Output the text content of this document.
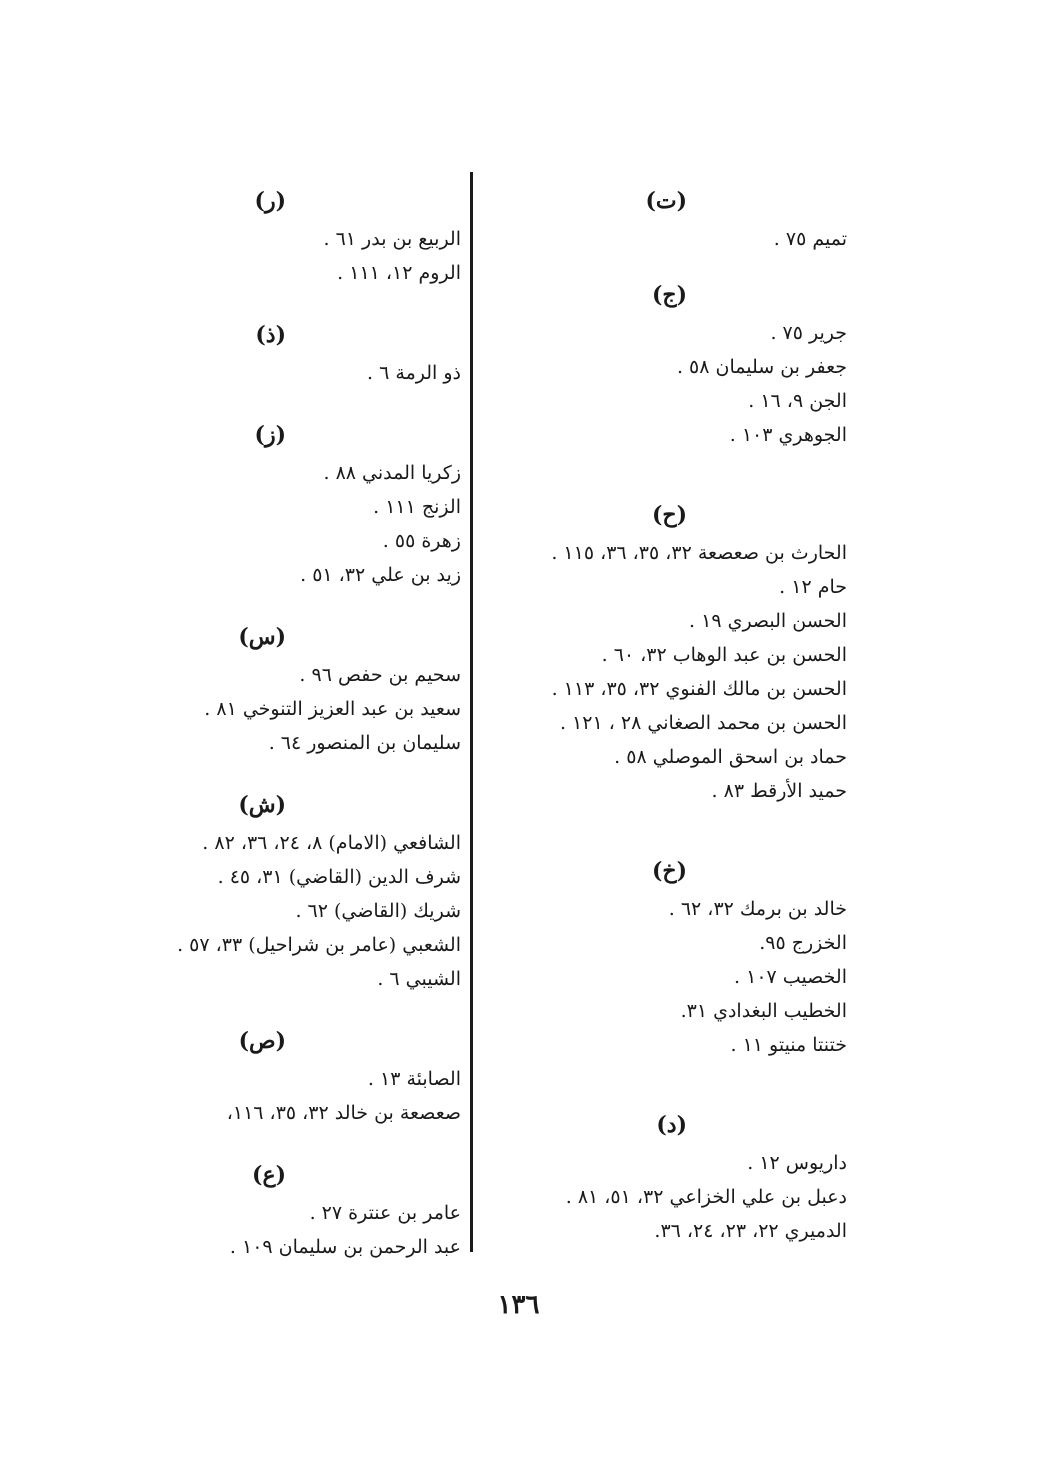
(ت)
تميم ٧٥ .
(ج)
جرير ٧٥ .
جعفر بن سليمان ٥٨ .
الجن ٩، ١٦ .
الجوهري ١٠٣ .
(ح)
الحارث بن صعصعة ٣٢، ٣٥، ٣٦، ١١٥ .
حام ١٢ .
الحسن البصري ١٩ .
الحسن بن عبد الوهاب ٣٢، ٦٠ .
الحسن بن مالك الفنوي ٣٢، ٣٥، ١١٣ .
الحسن بن محمد الصغاني ٢٨ ، ١٢١ .
حماد بن اسحق الموصلي ٥٨ .
حميد الأرقط ٨٣ .
(خ)
خالد بن برمك ٣٢، ٦٢ .
الخزرج ٩٥.
الخصيب ١٠٧ .
الخطيب البغدادي ٣١.
ختنتا منيتو ١١ .
(د)
داريوس ١٢ .
دعبل بن علي الخزاعي ٣٢، ٥١، ٨١ .
الدميري ٢٢، ٢٣، ٢٤، ٣٦.
(ر)
الربيع بن بدر ٦١ .
الروم ١٢، ١١١ .
(ذ)
ذو الرمة ٦ .
(ز)
زكريا المدني ٨٨ .
الزنج ١١١ .
زهرة ٥٥ .
زيد بن علي ٣٢، ٥١ .
(س)
سحيم بن حفص ٩٦ .
سعيد بن عبد العزيز التنوخي ٨١ .
سليمان بن المنصور ٦٤ .
(ش)
الشافعي (الامام) ٨، ٢٤، ٣٦، ٨٢ .
شرف الدين (القاضي) ٣١، ٤٥ .
شريك (القاضي) ٦٢ .
الشعبي (عامر بن شراحيل) ٣٣، ٥٧ .
الشيبي ٦ .
(ص)
الصابئة ١٣ .
صعصعة بن خالد ٣٢، ٣٥، ١١٦،
(ع)
عامر بن عنترة ٢٧ .
عبد الرحمن بن سليمان ١٠٩ .
١٣٦
